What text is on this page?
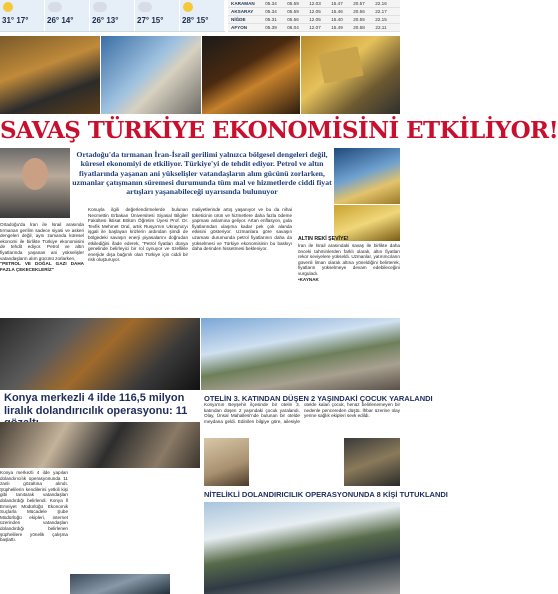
31° 17° 26° 14° 26° 13° 27° 15° 28° 15°
KARAMAN	05.34	05.59	12.03	15.47	20.57	22.16
AKSARAY	05.34	05.59	12.05	15.46	20.56	22.17
NİĞDE	05.31	05.56	12.05	15.40	20.55	22.15
AFYON	05.39	06.04	12.07	15.49	20.58	22.11
SAVAŞ TÜRKİYE EKONOMİSİNİ ETKİLİYOR!
Ortadoğu'da tırmanan İran-İsrail gerilimi yalnızca bölgesel dengeleri değil, küresel ekonomiyi de etkiliyor. Türkiye'yi de tehdit ediyor. Petrol ve altın fiyatlarında yaşanan ani yükselişler vatandaşların alım gücünü zorlarken, uzmanlar çatışmanın süremesi durumunda tüm mal ve hizmetlerde ciddi fiyat artışları yaşanabileceği uyarısında bulunuyor

Ortadoğu'da İran ile İsrail arasında tırmanan gerilim sadece siyasi ve askeri dengeleri değil, aynı zamanda küresel ekonomi ile birlikte Türkiye ekonomisini de tehdit ediyor. Petrol ve altın fiyatlarında yaşanan ani yükselişler vatandaşların alım gücünü zorlarken,

"PETROL VE DOĞAL GAZI DAHA FAZLA ÇEKECEKLERİZ"

Konuyla ilgili değerlendirmelerde bulunan Necmettin Erbakan Üniversitesi Siyasal Bilgiler Fakültesi İktisat Bölüm Öğretim Üyesi Prof. Dr. Tevfik Mehmet Oral, artık Rusya'nın Ukrayna'yı işgali ile başlayan krizlerin ardından şimdi de bölgedeki savaşın enerji piyasalarını doğrudan etkilediğini ifade ederek, "Petrol fiyatları dünya genelinde belirleyici bir rol oynuyor ve özellikle enerjide dışa bağımlı olan Türkiye için ciddi bir risk oluşturuyor.

maliyetlerinde artış yaşanıyor ve bu da nihai tüketicinin ürün ve hizmetlere daha fazla ödeme yapması anlamına geliyor. Artan enflasyon, gıda fiyatlarından ulaşıma kadar pek çok alanda etkisini gösteriyor. Uzmanlara göre savaşın uzaması durumunda petrol fiyatlarının daha da yükselmesi ve Türkiye ekonomisinin bu baskıyı daha derinden hissetmesi bekleniyor.

ALTIN REKİ ŞEVİYE!

İran ile İsrail arasındaki savaş ile birlikte daha önceki tahminlerden farklı olarak, altın fiyatları rekor seviyelere yükseldi. Uzmanlar, yatırımcıların güvenli liman olarak altına yöneldiğini belirterek, fiyatların yükselmeye devam edebileceğini vurguladı.

•KAYNAK

Konya merkezli 4 ilde 116,5 milyon liralık dolandırıcılık operasyonu: 11
Konya merkezli 4 ilde yapılan dolandırıcılık operasyonunda 11 zanlı gözaltına alındı. Şüphelilerin kendilerini yetkili kişi gibi tanıtarak vatandaşları dolandırdığı belirlendi. Konya İl Emniyet Müdürlüğü Ekonomik Suçlarla Mücadele Şube Müdürlüğü ekipleri, internet üzerinden vatandaşları dolandırdığı belirlenen şüphelilere yönelik çalışma başlattı.
OTELİN 3. KATINDAN DÜŞEN 2 YAŞINDAKİ ÇOCUK YARALANDI
Konya'nın Beyşehir ilçesinde bir otelin 3. katından düşen 2 yaşındaki çocuk yaralandı. Olay, Ünsal Mahallesi'nde bulunan bir otelde meydana geldi. Edinilen bilgiye göre, ailesiyle otelde kalan çocuk, henüz belirlenemeyen bir nedenle pencereden düştü. İhbar üzerine olay yerine sağlık ekipleri sevk edildi.
NİTELİKLİ DOLANDIRICILIK OPERASYONUNDA 8 KİŞİ TUTUKLANDI
